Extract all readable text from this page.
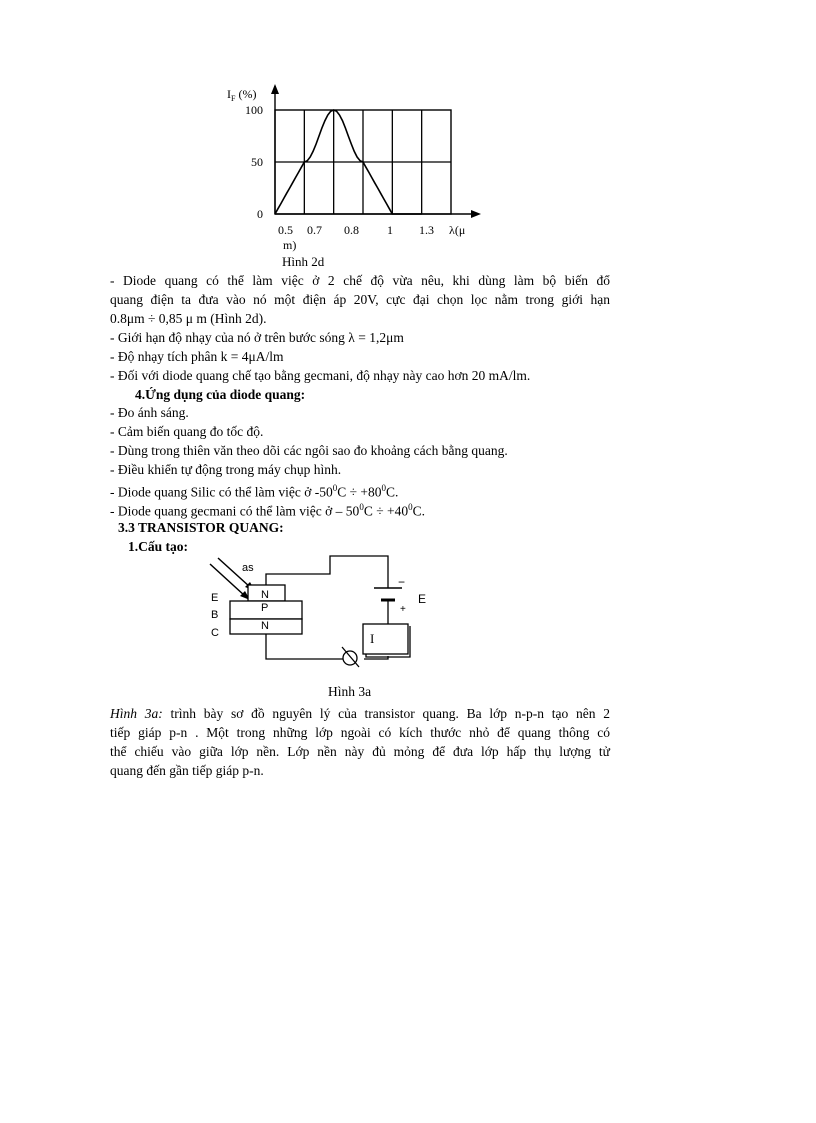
$I_F$ (%)
100
50
0
0.5 0.7 0.8 1 1.3 λ(μ
m)
Hình 2d
- Diode quang có thể làm việc ở 2 chế độ vừa nêu, khi dùng làm bộ biến đổ
quang điện ta đưa vào nó một điện áp 20V, cực đại chọn lọc nằm trong giới hạn
0.8μm ÷ 0,85 μ m (Hình 2d).
- Giới hạn độ nhạy của nó ở trên bước sóng λ = 1,2μm
- Độ nhạy tích phân k = 4μA/lm
- Đối với diode quang chế tạo bằng gecmani, độ nhạy này cao hơn 20 mA/lm.
4.Ứng dụng của diode quang:
- Đo ánh sáng.
- Cảm biến quang đo tốc độ.
- Dùng trong thiên văn theo dõi các ngôi sao đo khoảng cách bằng quang.
- Điều khiển tự động trong máy chụp hình.
- Diode quang Silic có thể làm việc ở $-50^0C \div +80^0C$.
- Diode quang gecmani có thể làm việc ở – $50^0C \div +40^0C$.
3.3 TRANSISTOR QUANG:
1.Cấu tạo:
as
N
P
N
E
B
C
−
+
E
I
Hình 3a
Hình 3a: trình bày sơ đồ nguyên lý của transistor quang. Ba lớp n-p-n tạo nên 2
tiếp giáp p-n . Một trong những lớp ngoài có kích thước nhỏ để quang thông có
thể chiếu vào giữa lớp nền. Lớp nền này đủ mỏng để đưa lớp hấp thụ lượng tử
quang đến gần tiếp giáp p-n.
